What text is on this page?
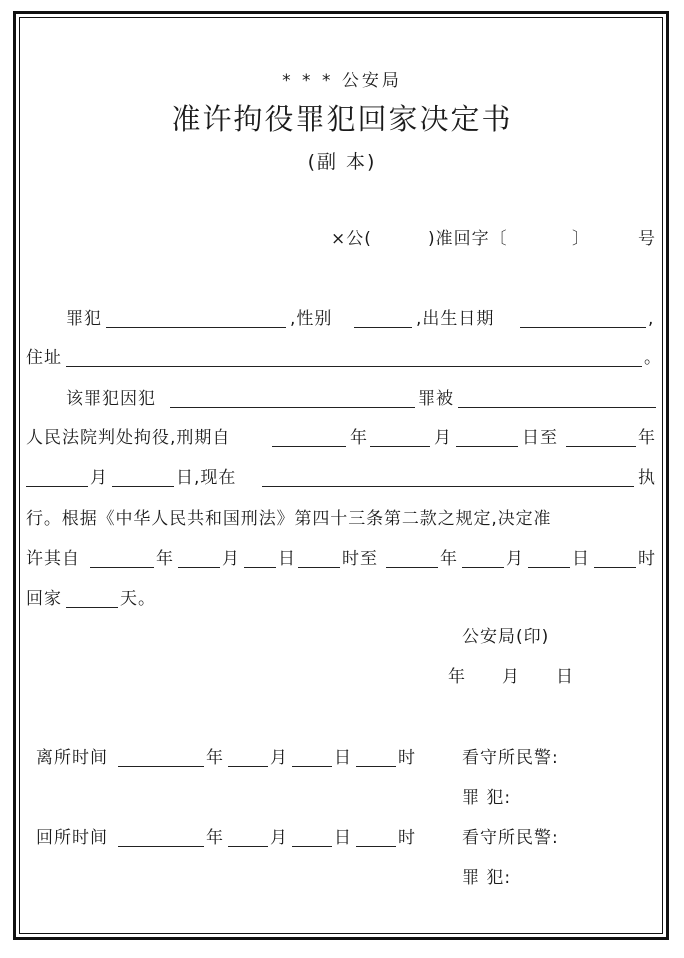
* * * 公安局
准许拘役罪犯回家决定书
(副 本)
×公(	)准回字〔	〕	号
罪犯	,性别	,出生日期	,
住址	。
该罪犯因犯	罪被
人民法院判处拘役,刑期自	年	月	日至	年
月	日,现在	执
行。根据《中华人民共和国刑法》第四十三条第二款之规定,决定准
许其自	年	月 日	时至	年	月	日	时
回家	天。
公安局(印)
年 月 日
离所时间	年	月	日	时	看守所民警:
罪 犯:
回所时间	年	月	日	时	看守所民警:
罪 犯:
